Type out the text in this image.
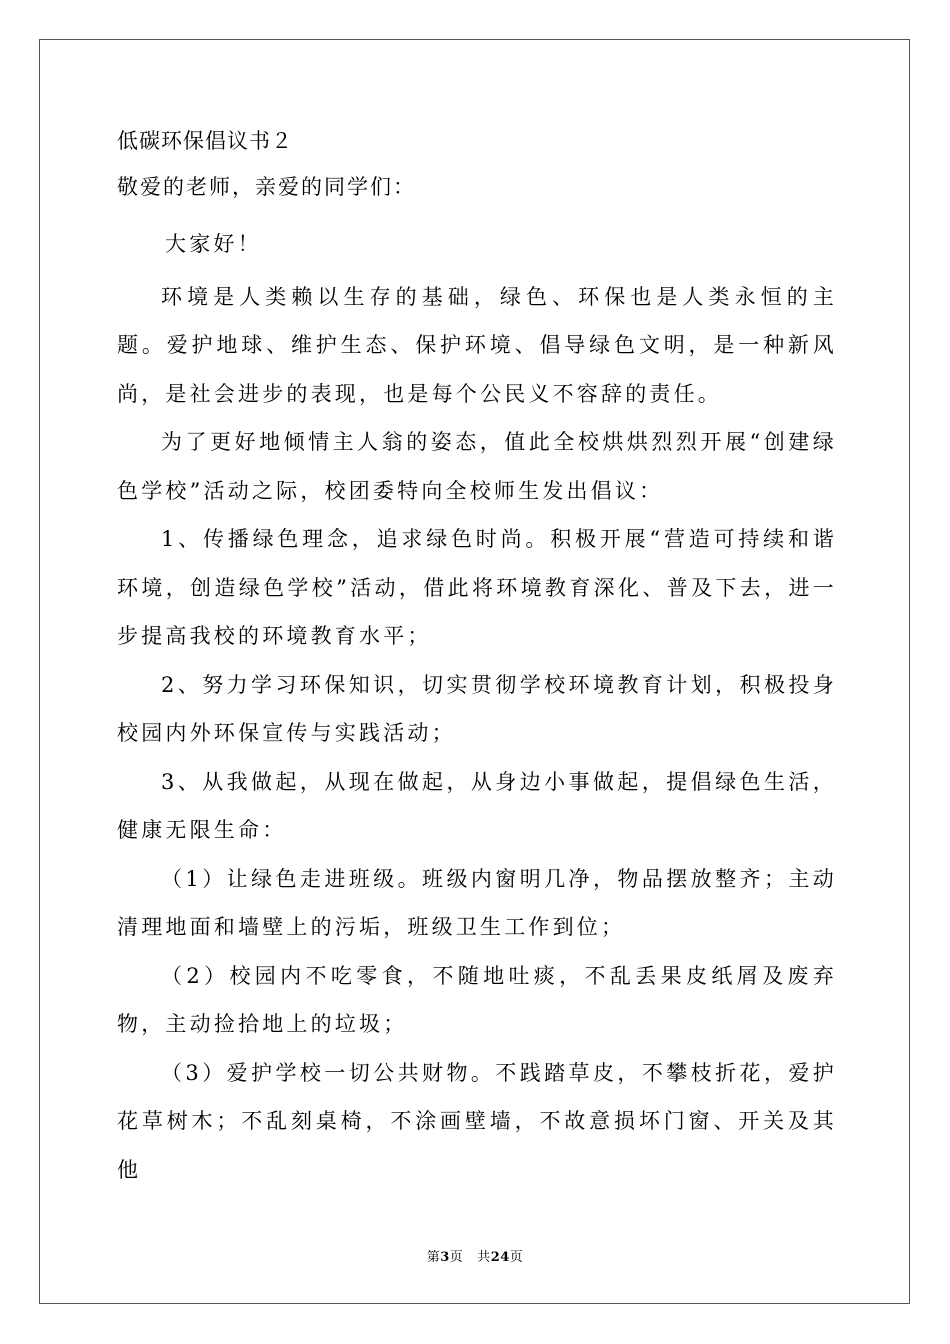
低碳环保倡议书２

敬爱的老师，亲爱的同学们：

大家好！

环境是人类赖以生存的基础，绿色、环保也是人类永恒的主题。爱护地球、维护生态、保护环境、倡导绿色文明，是一种新风尚，是社会进步的表现，也是每个公民义不容辞的责任。

为了更好地倾情主人翁的姿态，值此全校烘烘烈烈开展“创建绿色学校”活动之际，校团委特向全校师生发出倡议：

1、传播绿色理念，追求绿色时尚。积极开展“营造可持续和谐环境，创造绿色学校”活动，借此将环境教育深化、普及下去，进一步提高我校的环境教育水平；

2、努力学习环保知识，切实贯彻学校环境教育计划，积极投身校园内外环保宣传与实践活动；

3、从我做起，从现在做起，从身边小事做起，提倡绿色生活，健康无限生命：

（1）让绿色走进班级。班级内窗明几净，物品摆放整齐；主动清理地面和墙壁上的污垢，班级卫生工作到位；

（2）校园内不吃零食，不随地吐痰，不乱丢果皮纸屑及废弃物，主动捡拾地上的垃圾；

（3）爱护学校一切公共财物。不践踏草皮，不攀枝折花，爱护花草树木；不乱刻桌椅，不涂画壁墙，不故意损坏门窗、开关及其他

第3页 共24页
